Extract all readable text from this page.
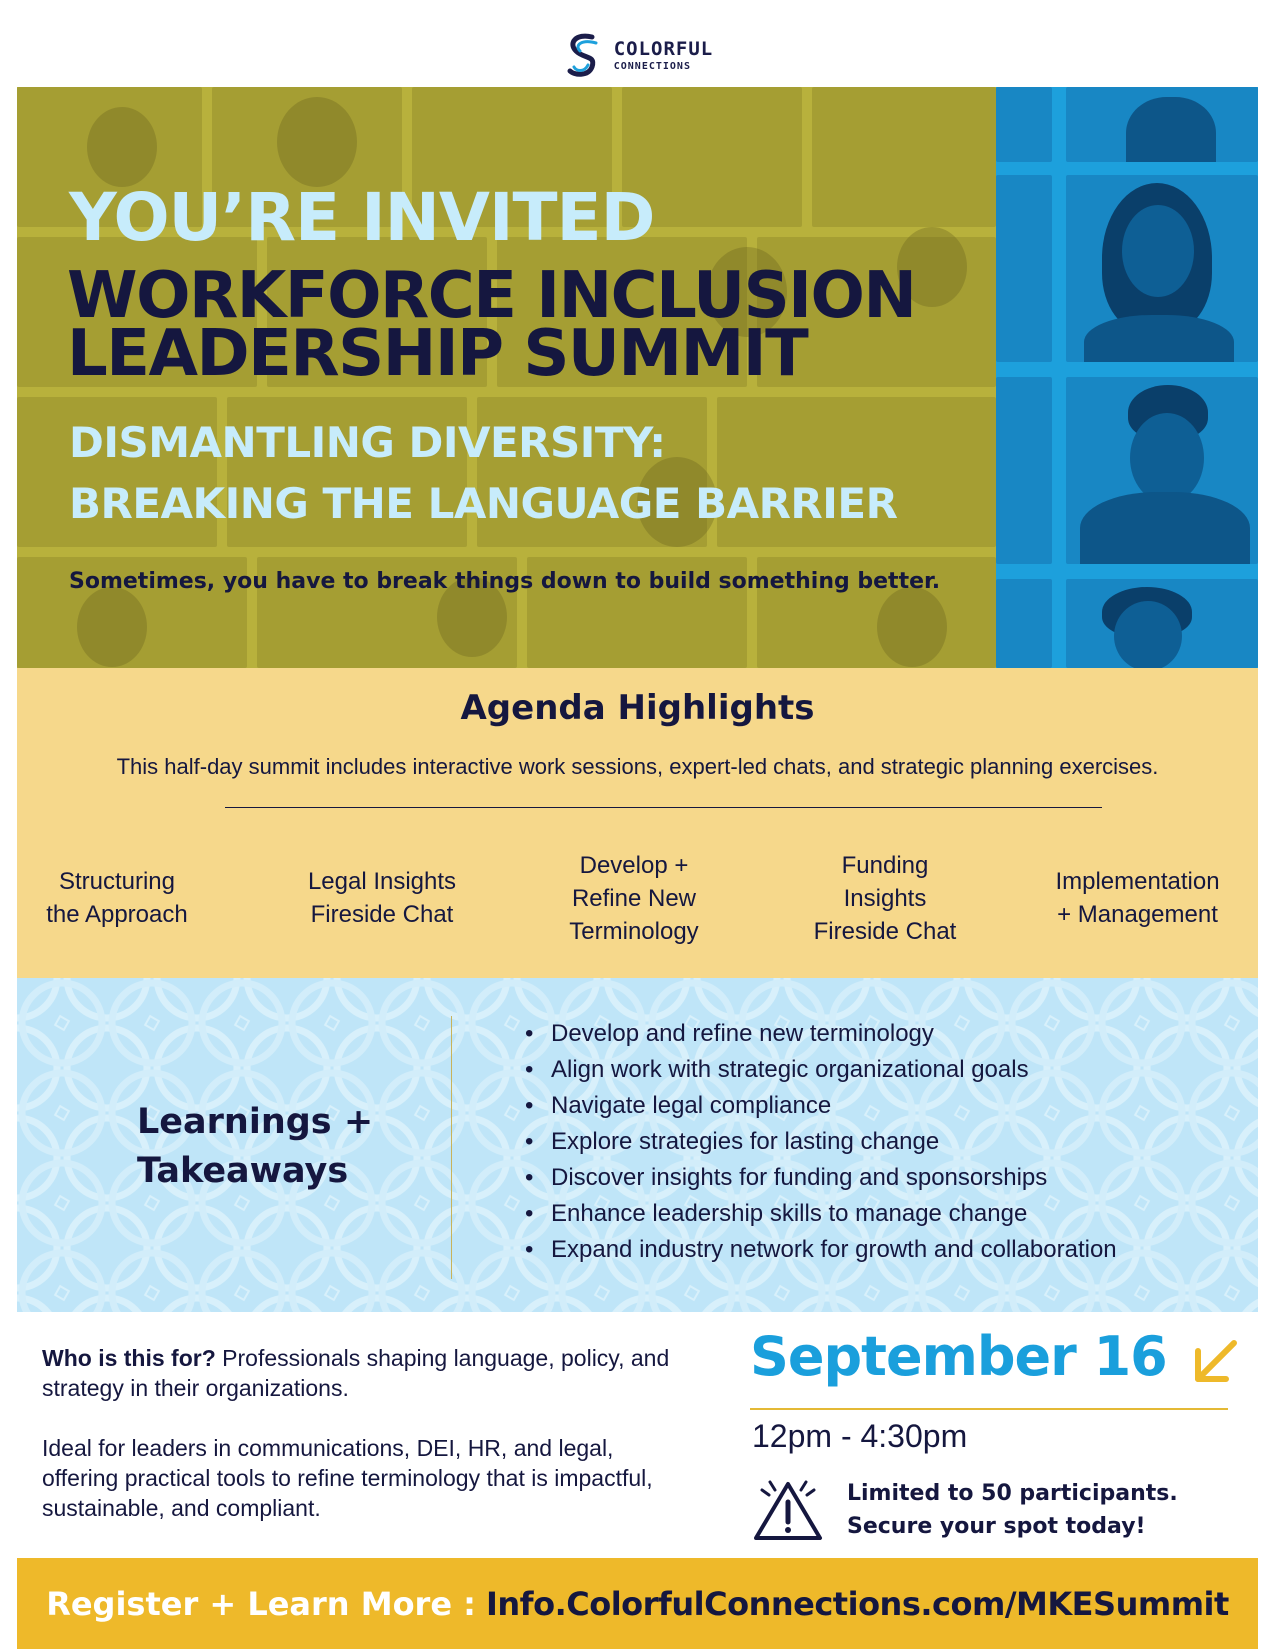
COLORFUL
CONNECTIONS
YOU’RE INVITED
WORKFORCE INCLUSION
LEADERSHIP SUMMIT
DISMANTLING DIVERSITY:
BREAKING THE LANGUAGE BARRIER
Sometimes, you have to break things down to build something better.
Agenda Highlights
This half-day summit includes interactive work sessions, expert-led chats, and strategic planning exercises.
Structuring
the Approach
Legal Insights
Fireside Chat
Develop +
Refine New
Terminology
Funding
Insights
Fireside Chat
Implementation
+ Management
Learnings +
Takeaways
• Develop and refine new terminology
• Align work with strategic organizational goals
• Navigate legal compliance
• Explore strategies for lasting change
• Discover insights for funding and sponsorships
• Enhance leadership skills to manage change
• Expand industry network for growth and collaboration
Who is this for? Professionals shaping language, policy, and strategy in their organizations.
Ideal for leaders in communications, DEI, HR, and legal, offering practical tools to refine terminology that is impactful, sustainable, and compliant.
September 16
12pm - 4:30pm
Limited to 50 participants.
Secure your spot today!
Register + Learn More : Info.ColorfulConnections.com/MKESummit
